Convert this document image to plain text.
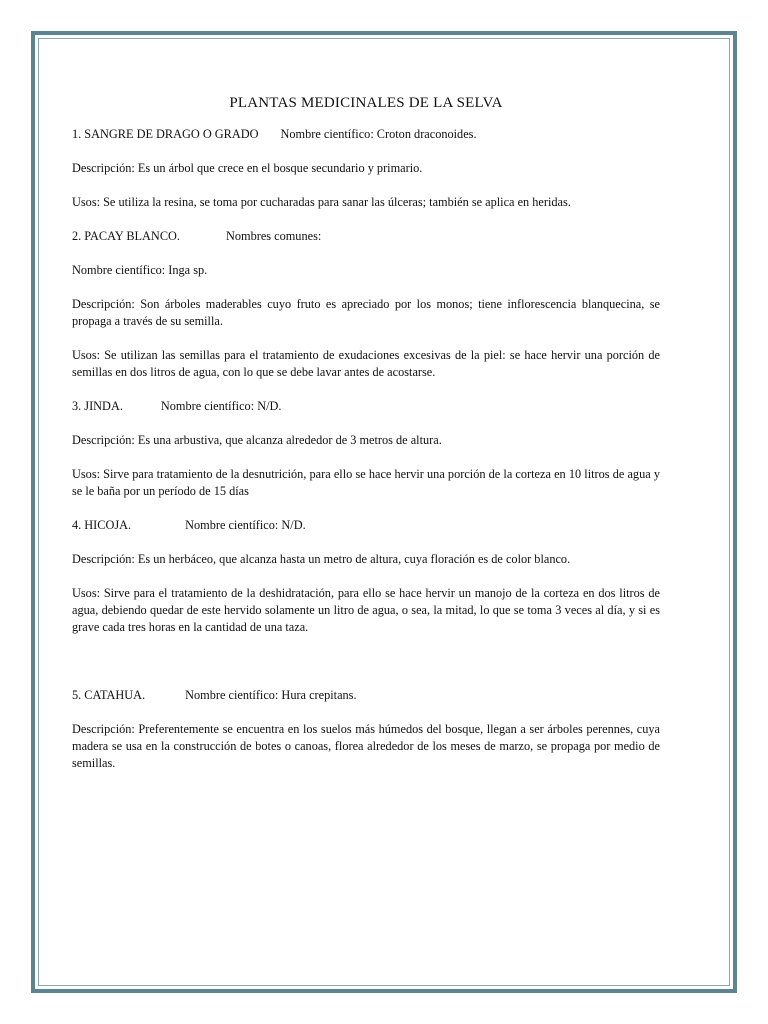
PLANTAS MEDICINALES DE LA SELVA
1. SANGRE DE DRAGO O GRADO Nombre científico: Croton draconoides.

Descripción: Es un árbol que crece en el bosque secundario y primario.

Usos: Se utiliza la resina, se toma por cucharadas para sanar las úlceras; también se aplica en heridas.

2. PACAY BLANCO.	Nombres comunes:

Nombre científico: Inga sp.

Descripción: Son árboles maderables cuyo fruto es apreciado por los monos; tiene inflorescencia blanquecina, se propaga a través de su semilla.

Usos: Se utilizan las semillas para el tratamiento de exudaciones excesivas de la piel: se hace hervir una porción de semillas en dos litros de agua, con lo que se debe lavar antes de acostarse.

3. JINDA.	Nombre científico: N/D.

Descripción: Es una arbustiva, que alcanza alrededor de 3 metros de altura.

Usos: Sirve para tratamiento de la desnutrición, para ello se hace hervir una porción de la corteza en 10 litros de agua y se le baña por un período de 15 días

4. HICOJA.	Nombre científico: N/D.

Descripción: Es un herbáceo, que alcanza hasta un metro de altura, cuya floración es de color blanco.

Usos: Sirve para el tratamiento de la deshidratación, para ello se hace hervir un manojo de la corteza en dos litros de agua, debiendo quedar de este hervido solamente un litro de agua, o sea, la mitad, lo que se toma 3 veces al día, y si es grave cada tres horas en la cantidad de una taza.

5. CATAHUA.	Nombre científico: Hura crepitans.

Descripción: Preferentemente se encuentra en los suelos más húmedos del bosque, llegan a ser árboles perennes, cuya madera se usa en la construcción de botes o canoas, florea alrededor de los meses de marzo, se propaga por medio de semillas.
